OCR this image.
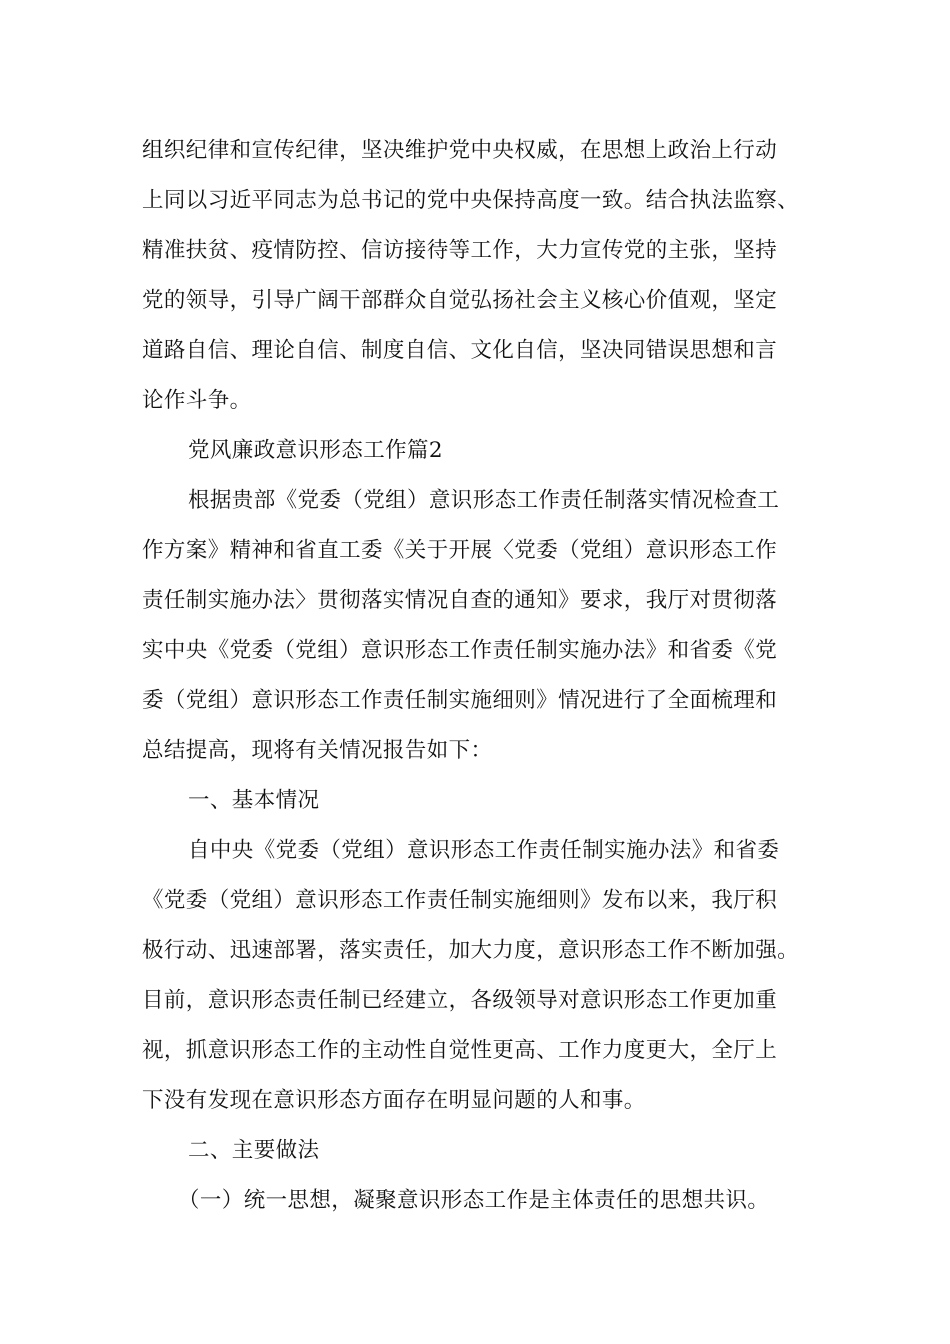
组织纪律和宣传纪律，坚决维护党中央权威，在思想上政治上行动
上同以习近平同志为总书记的党中央保持高度一致。结合执法监察、
精准扶贫、疫情防控、信访接待等工作，大力宣传党的主张，坚持
党的领导，引导广阔干部群众自觉弘扬社会主义核心价值观，坚定
道路自信、理论自信、制度自信、文化自信，坚决同错误思想和言
论作斗争。
党风廉政意识形态工作篇2
根据贵部《党委（党组）意识形态工作责任制落实情况检查工
作方案》精神和省直工委《关于开展〈党委（党组）意识形态工作
责任制实施办法〉贯彻落实情况自查的通知》要求，我厅对贯彻落
实中央《党委（党组）意识形态工作责任制实施办法》和省委《党
委（党组）意识形态工作责任制实施细则》情况进行了全面梳理和
总结提高，现将有关情况报告如下：
一、基本情况
自中央《党委（党组）意识形态工作责任制实施办法》和省委
《党委（党组）意识形态工作责任制实施细则》发布以来，我厅积
极行动、迅速部署，落实责任，加大力度，意识形态工作不断加强。
目前，意识形态责任制已经建立，各级领导对意识形态工作更加重
视，抓意识形态工作的主动性自觉性更高、工作力度更大，全厅上
下没有发现在意识形态方面存在明显问题的人和事。
二、主要做法
（一）统一思想，凝聚意识形态工作是主体责任的思想共识。
